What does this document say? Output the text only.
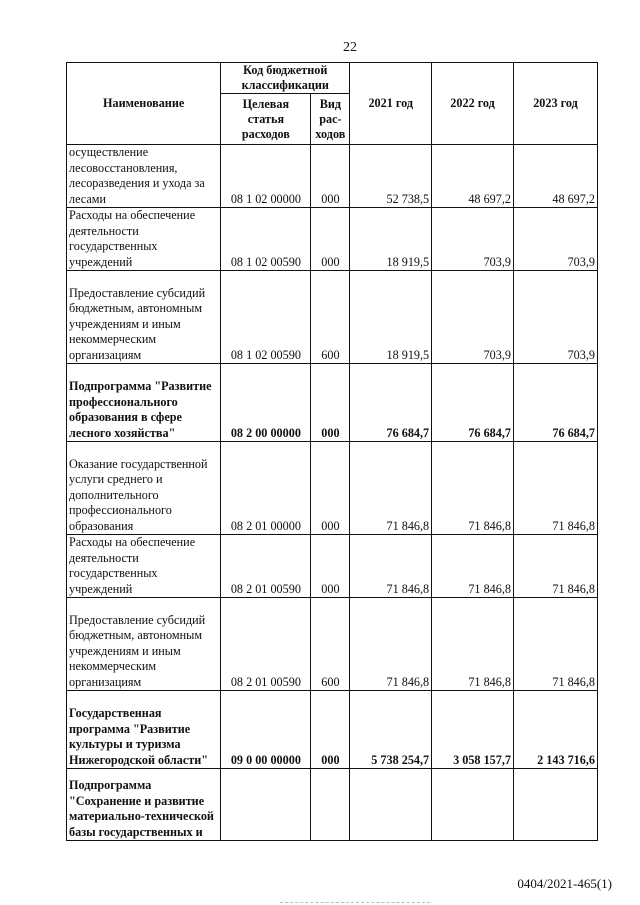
22
Наименование	Код бюджетной классификации		2021 год	2022 год	2023 год
	Целевая статья расходов	Вид рас-ходов			
осуществление лесовосстановления, лесоразведения и ухода за лесами	08 1 02 00000	000	52 738,5	48 697,2	48 697,2
Расходы на обеспечение деятельности государственных учреждений	08 1 02 00590	000	18 919,5	703,9	703,9
Предоставление субсидий бюджетным, автономным учреждениям и иным некоммерческим организациям	08 1 02 00590	600	18 919,5	703,9	703,9
Подпрограмма "Развитие профессионального образования в сфере лесного хозяйства"	08 2 00 00000	000	76 684,7	76 684,7	76 684,7
Оказание государственной услуги среднего и дополнительного профессионального образования	08 2 01 00000	000	71 846,8	71 846,8	71 846,8
Расходы на обеспечение деятельности государственных учреждений	08 2 01 00590	000	71 846,8	71 846,8	71 846,8
Предоставление субсидий бюджетным, автономным учреждениям и иным некоммерческим организациям	08 2 01 00590	600	71 846,8	71 846,8	71 846,8
Государственная программа "Развитие культуры и туризма Нижегородской области"	09 0 00 00000	000	5 738 254,7	3 058 157,7	2 143 716,6
Подпрограмма "Сохранение и развитие материально-технической базы государственных и					
0404/2021-465(1)
